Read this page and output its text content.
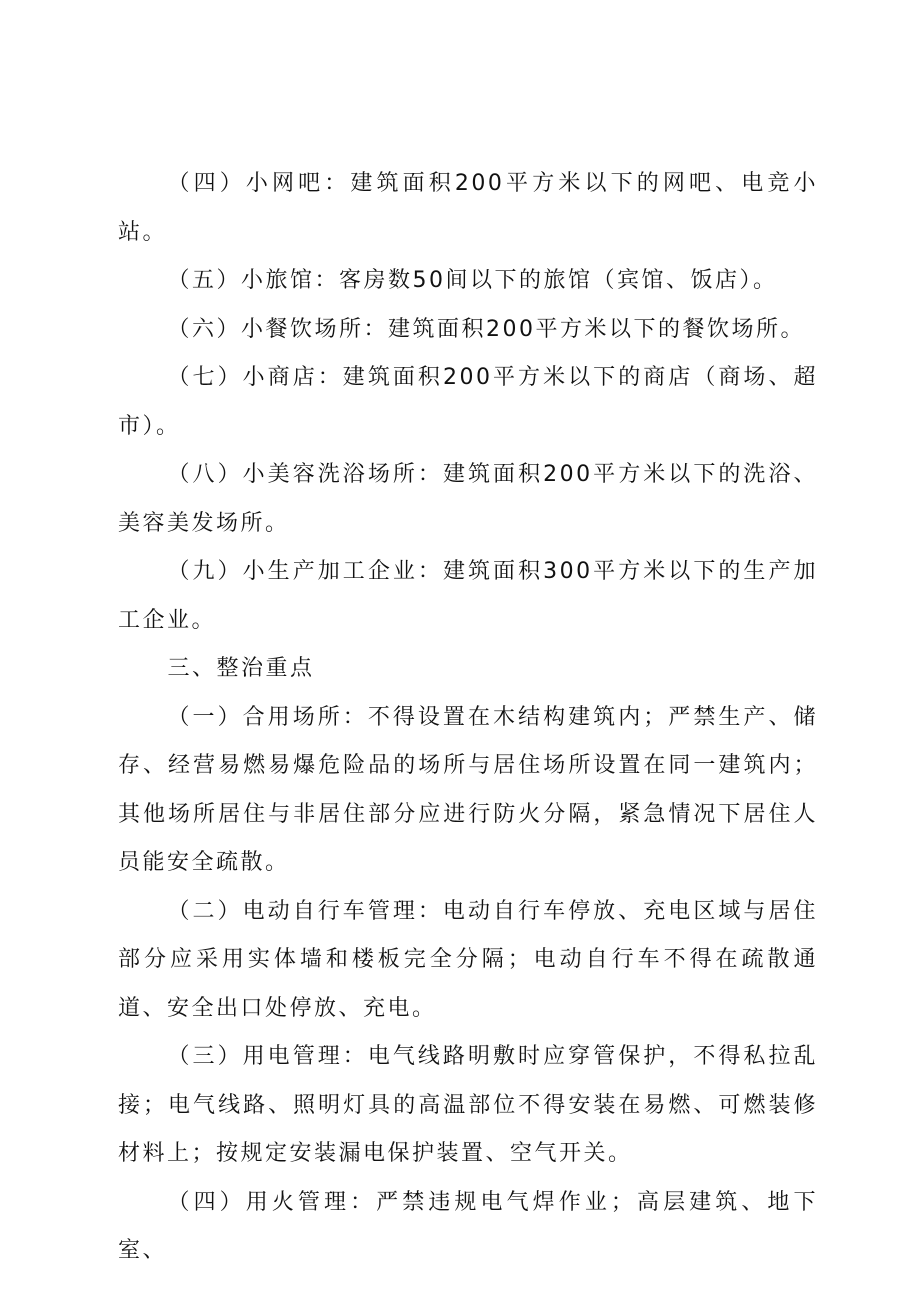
（四）小网吧：建筑面积200平方米以下的网吧、电竞小站。

（五）小旅馆：客房数50间以下的旅馆（宾馆、饭店）。

（六）小餐饮场所：建筑面积200平方米以下的餐饮场所。

（七）小商店：建筑面积200平方米以下的商店（商场、超市）。

（八）小美容洗浴场所：建筑面积200平方米以下的洗浴、美容美发场所。

（九）小生产加工企业：建筑面积300平方米以下的生产加工企业。

三、整治重点

（一）合用场所：不得设置在木结构建筑内；严禁生产、储存、经营易燃易爆危险品的场所与居住场所设置在同一建筑内；其他场所居住与非居住部分应进行防火分隔，紧急情况下居住人员能安全疏散。

（二）电动自行车管理：电动自行车停放、充电区域与居住部分应采用实体墙和楼板完全分隔；电动自行车不得在疏散通道、安全出口处停放、充电。

（三）用电管理：电气线路明敷时应穿管保护，不得私拉乱接；电气线路、照明灯具的高温部位不得安装在易燃、可燃装修材料上；按规定安装漏电保护装置、空气开关。

（四）用火管理：严禁违规电气焊作业；高层建筑、地下室、
